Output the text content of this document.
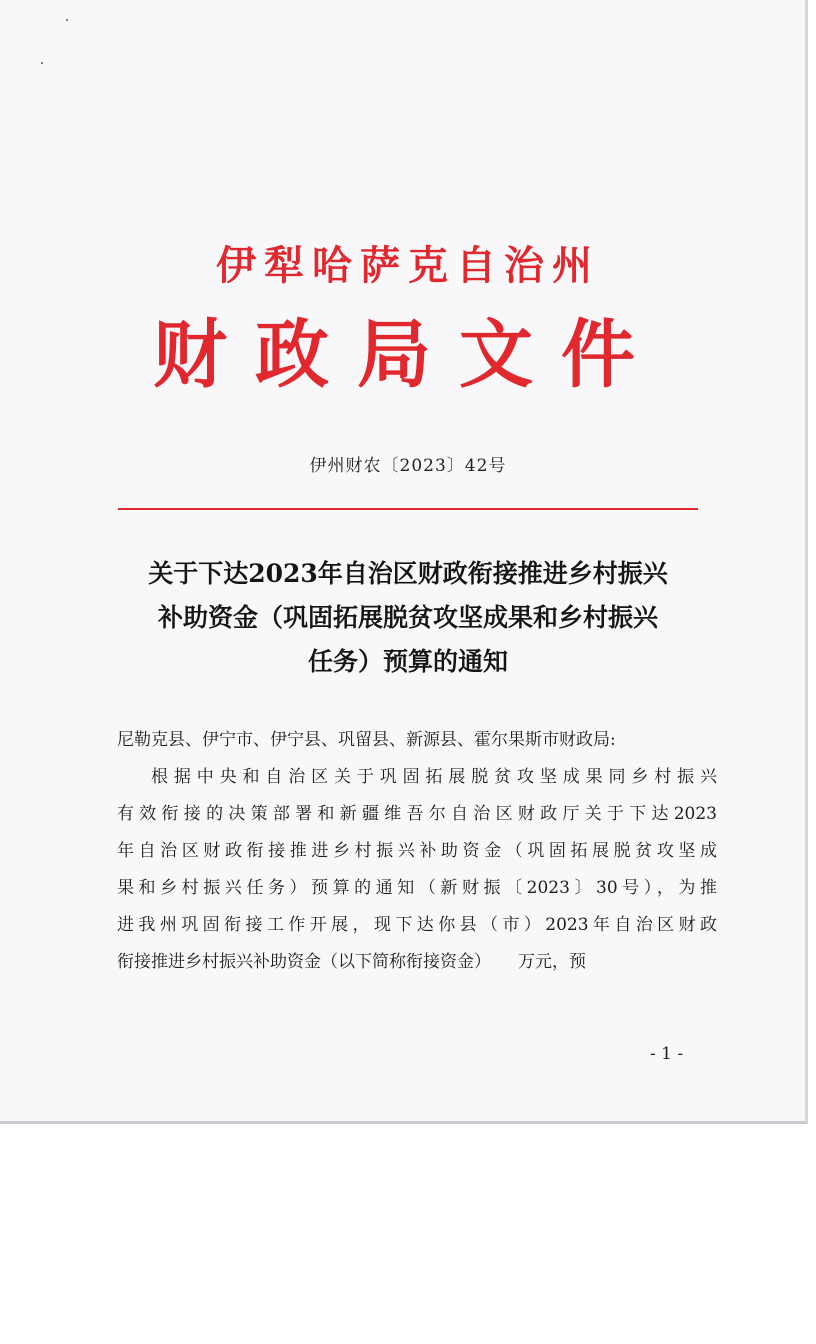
伊犁哈萨克自治州
财政局文件
伊州财农〔2023〕42号
关于下达2023年自治区财政衔接推进乡村振兴
补助资金（巩固拓展脱贫攻坚成果和乡村振兴
任务）预算的通知
尼勒克县、伊宁市、伊宁县、巩留县、新源县、霍尔果斯市财政局:
根据中央和自治区关于巩固拓展脱贫攻坚成果同乡村振兴
有效衔接的决策部署和新疆维吾尔自治区财政厅关于下达2023
年自治区财政衔接推进乡村振兴补助资金（巩固拓展脱贫攻坚成
果和乡村振兴任务）预算的通知（新财振〔2023〕30号），为推
进我州巩固衔接工作开展，现下达你县（市）2023年自治区财政
衔接推进乡村振兴补助资金（以下简称衔接资金）     万元，预
- 1 -
